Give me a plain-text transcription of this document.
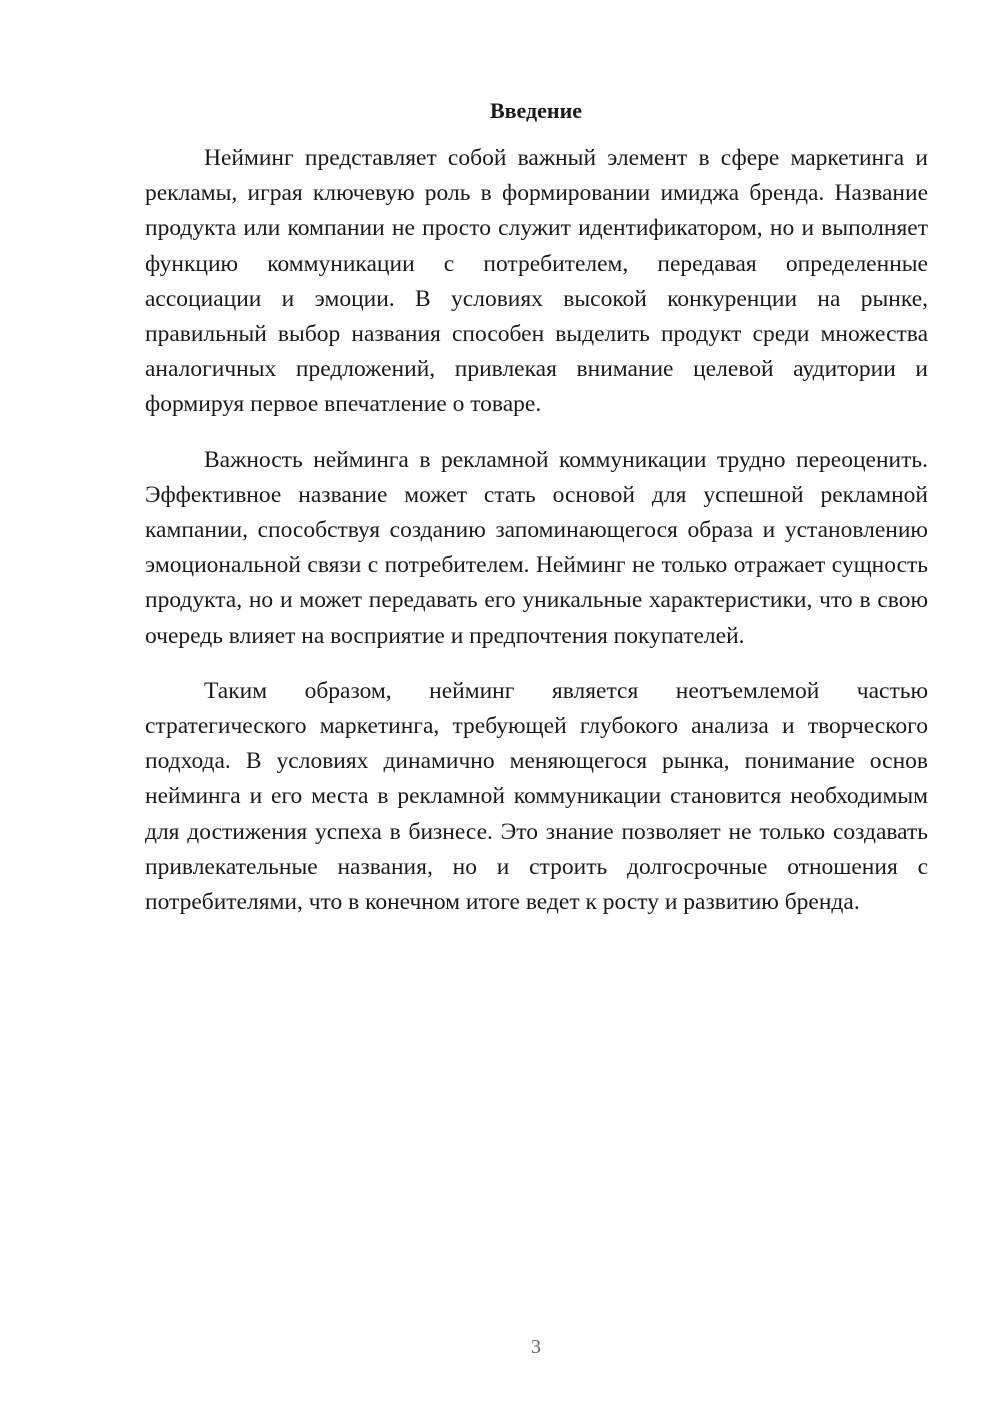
Введение

Нейминг представляет собой важный элемент в сфере маркетинга и рекламы, играя ключевую роль в формировании имиджа бренда. Название продукта или компании не просто служит идентификатором, но и выполняет функцию коммуникации с потребителем, передавая определенные ассоциации и эмоции. В условиях высокой конкуренции на рынке, правильный выбор названия способен выделить продукт среди множества аналогичных предложений, привлекая внимание целевой аудитории и формируя первое впечатление о товаре.

Важность нейминга в рекламной коммуникации трудно переоценить. Эффективное название может стать основой для успешной рекламной кампании, способствуя созданию запоминающегося образа и установлению эмоциональной связи с потребителем. Нейминг не только отражает сущность продукта, но и может передавать его уникальные характеристики, что в свою очередь влияет на восприятие и предпочтения покупателей.

Таким образом, нейминг является неотъемлемой частью стратегического маркетинга, требующей глубокого анализа и творческого подхода. В условиях динамично меняющегося рынка, понимание основ нейминга и его места в рекламной коммуникации становится необходимым для достижения успеха в бизнесе. Это знание позволяет не только создавать привлекательные названия, но и строить долгосрочные отношения с потребителями, что в конечном итоге ведет к росту и развитию бренда.

3
